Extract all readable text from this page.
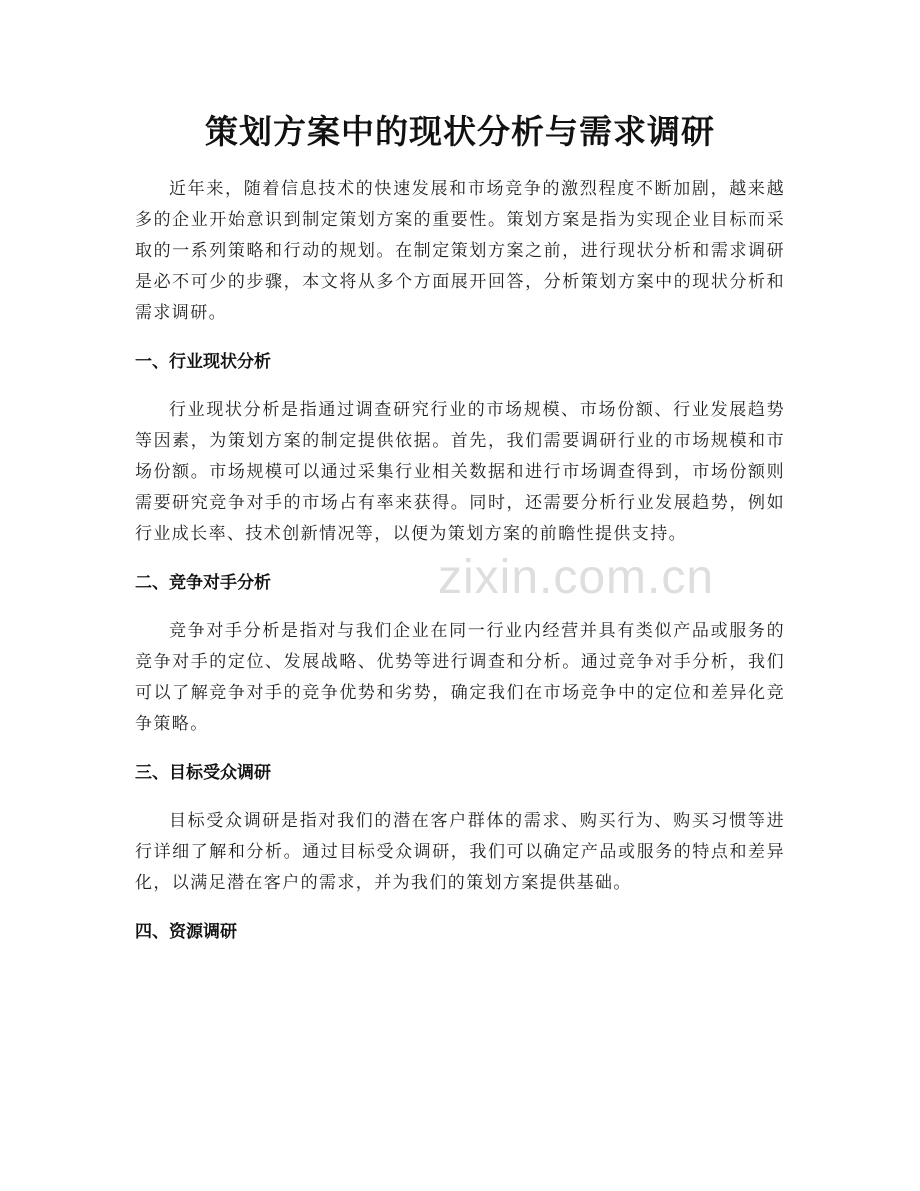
策划方案中的现状分析与需求调研

近年来，随着信息技术的快速发展和市场竞争的激烈程度不断加剧，越来越多的企业开始意识到制定策划方案的重要性。策划方案是指为实现企业目标而采取的一系列策略和行动的规划。在制定策划方案之前，进行现状分析和需求调研是必不可少的步骤，本文将从多个方面展开回答，分析策划方案中的现状分析和需求调研。

一、行业现状分析

行业现状分析是指通过调查研究行业的市场规模、市场份额、行业发展趋势等因素，为策划方案的制定提供依据。首先，我们需要调研行业的市场规模和市场份额。市场规模可以通过采集行业相关数据和进行市场调查得到，市场份额则需要研究竞争对手的市场占有率来获得。同时，还需要分析行业发展趋势，例如行业成长率、技术创新情况等，以便为策划方案的前瞻性提供支持。

二、竞争对手分析

竞争对手分析是指对与我们企业在同一行业内经营并具有类似产品或服务的竞争对手的定位、发展战略、优势等进行调查和分析。通过竞争对手分析，我们可以了解竞争对手的竞争优势和劣势，确定我们在市场竞争中的定位和差异化竞争策略。

三、目标受众调研

目标受众调研是指对我们的潜在客户群体的需求、购买行为、购买习惯等进行详细了解和分析。通过目标受众调研，我们可以确定产品或服务的特点和差异化，以满足潜在客户的需求，并为我们的策划方案提供基础。

四、资源调研
zixin.com.cn
